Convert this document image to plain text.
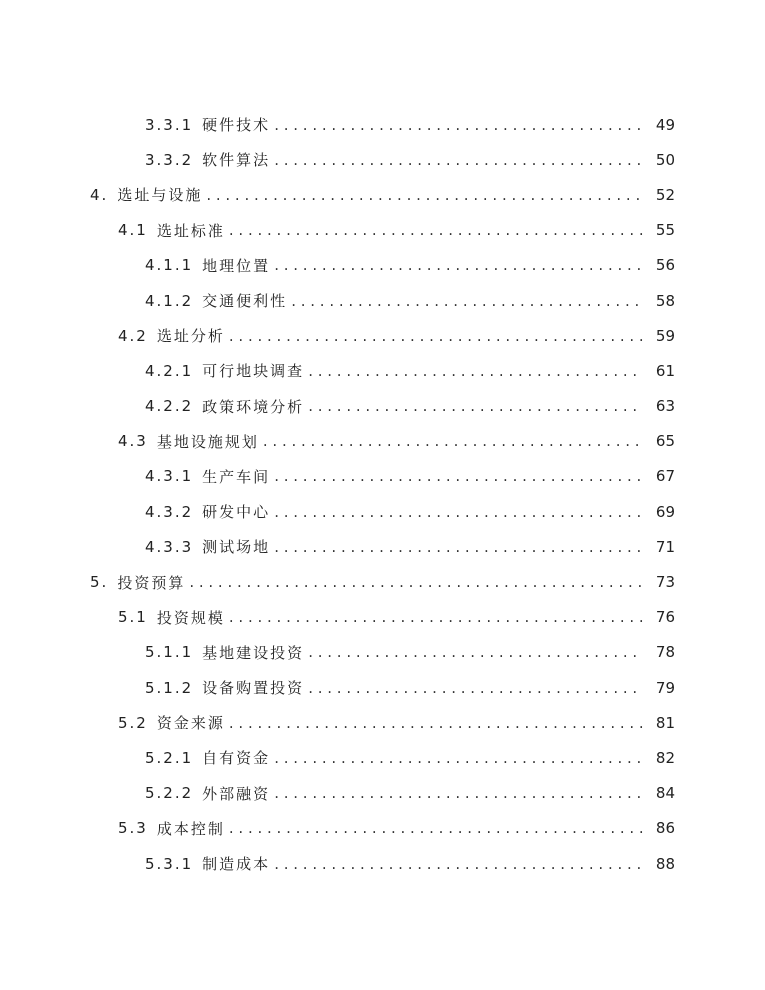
3.3.1 硬件技术 . . .	49
3.3.2 软件算法 . . .	50
4. 选址与设施 . . .	52
4.1 选址标准 . . .	55
4.1.1 地理位置 . . .	56
4.1.2 交通便利性 . . .	58
4.2 选址分析 . . .	59
4.2.1 可行地块调查 . . .	61
4.2.2 政策环境分析 . . .	63
4.3 基地设施规划 . . .	65
4.3.1 生产车间 . . .	67
4.3.2 研发中心 . . .	69
4.3.3 测试场地 . . .	71
5. 投资预算 . . .	73
5.1 投资规模 . . .	76
5.1.1 基地建设投资 . . .	78
5.1.2 设备购置投资 . . .	79
5.2 资金来源 . . .	81
5.2.1 自有资金 . . .	82
5.2.2 外部融资 . . .	84
5.3 成本控制 . . .	86
5.3.1 制造成本 . . .	88
